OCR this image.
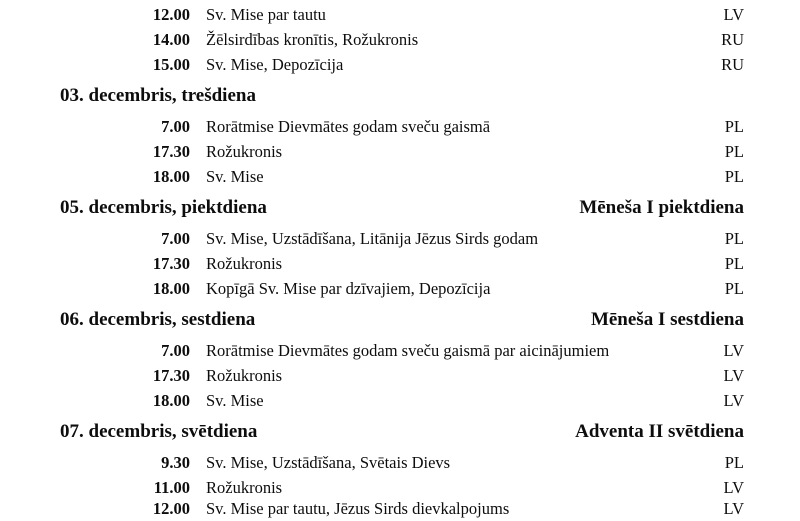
12.00 Sv. Mise par tautu	LV
14.00 Žēlsirdības kronītis, Rožukronis	RU
15.00 Sv. Mise, Depozīcija	RU
03. decembris, trešdiena
7.00 Rorātmise Dievmātes godam sveču gaismā	PL
17.30 Rožukronis	PL
18.00 Sv. Mise	PL
05. decembris, piektdiena	Mēneša I piektdiena
7.00 Sv. Mise, Uzstādīšana, Litānija Jēzus Sirds godam	PL
17.30 Rožukronis	PL
18.00 Kopīgā Sv. Mise par dzīvajiem, Depozīcija	PL
06. decembris, sestdiena	Mēneša I sestdiena
7.00 Rorātmise Dievmātes godam sveču gaismā par aicinājumiem	LV
17.30 Rožukronis	LV
18.00 Sv. Mise	LV
07. decembris, svētdiena	Adventa II svētdiena
9.30 Sv. Mise, Uzstādīšana, Svētais Dievs	PL
11.00 Rožukronis	LV
12.00 Sv. Mise par tautu, Jēzus Sirds dievkalpojums	LV
